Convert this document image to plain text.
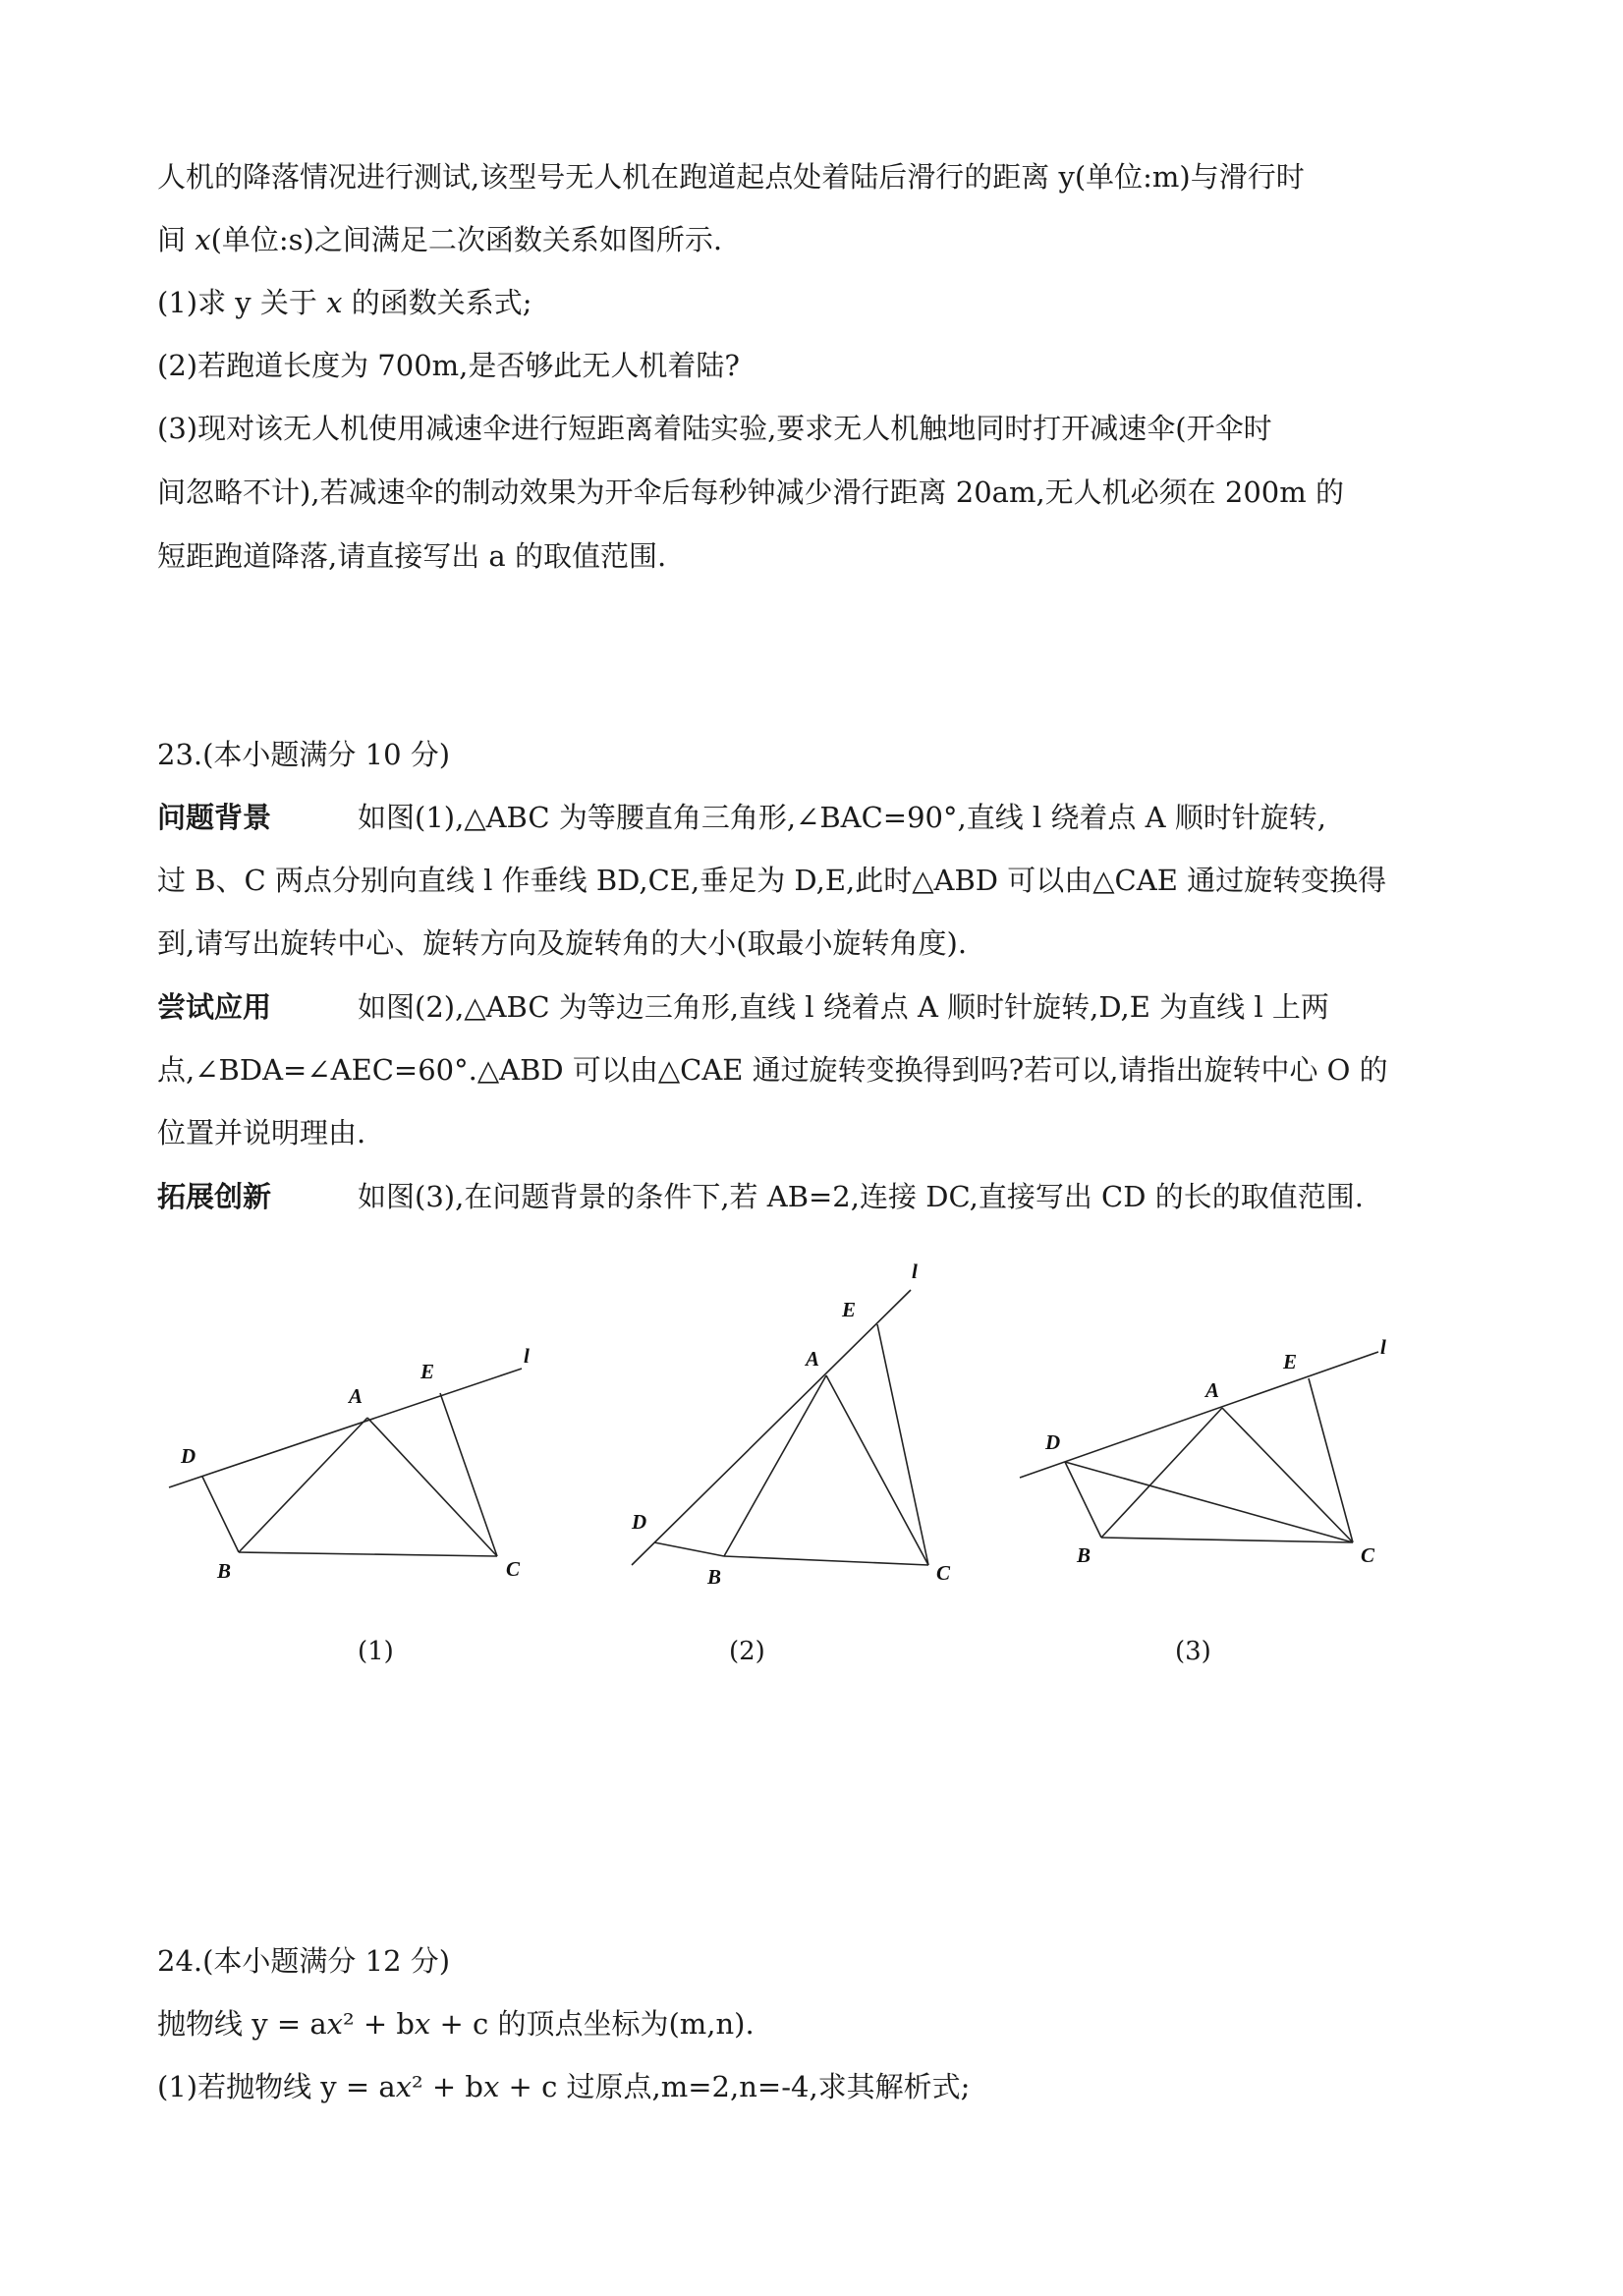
人机的降落情况进行测试,该型号无人机在跑道起点处着陆后滑行的距离 y(单位:m)与滑行时
间 𝑥(单位:s)之间满足二次函数关系如图所示.
(1)求 y 关于 𝑥 的函数关系式;
(2)若跑道长度为 700m,是否够此无人机着陆?
(3)现对该无人机使用减速伞进行短距离着陆实验,要求无人机触地同时打开减速伞(开伞时
间忽略不计),若减速伞的制动效果为开伞后每秒钟减少滑行距离 20am,无人机必须在 200m 的
短距跑道降落,请直接写出 a 的取值范围.
23.(本小题满分 10 分)
问题背景	如图(1),△ABC 为等腰直角三角形,∠BAC=90°,直线 l 绕着点 A 顺时针旋转,
过 B、C 两点分别向直线 l 作垂线 BD,CE,垂足为 D,E,此时△ABD 可以由△CAE 通过旋转变换得
到,请写出旋转中心、旋转方向及旋转角的大小(取最小旋转角度).
尝试应用	如图(2),△ABC 为等边三角形,直线 l 绕着点 A 顺时针旋转,D,E 为直线 l 上两
点,∠BDA=∠AEC=60°.△ABD 可以由△CAE 通过旋转变换得到吗?若可以,请指出旋转中心 O 的
位置并说明理由.
拓展创新	如图(3),在问题背景的条件下,若 AB=2,连接 DC,直接写出 CD 的长的取值范围.
D
A
E
l
B	C
l
E
A
D
B	C
D
A
E
l
B	C
(1)	(2)	(3)
24.(本小题满分 12 分)
抛物线 y = a𝑥² + b𝑥 + c 的顶点坐标为(m,n).
(1)若抛物线 y = a𝑥² + b𝑥 + c 过原点,m=2,n=-4,求其解析式;
